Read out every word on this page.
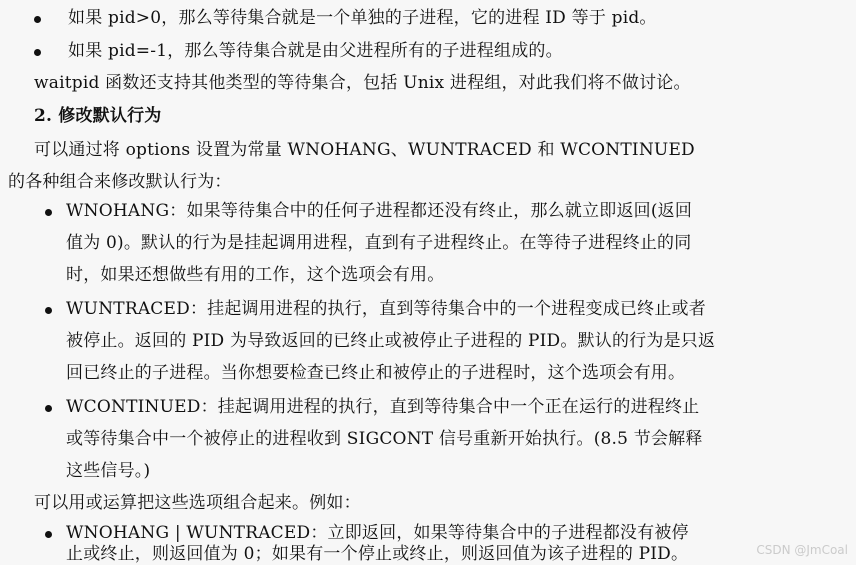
如果 pid>0，那么等待集合就是一个单独的子进程，它的进程 ID 等于 pid。
如果 pid=-1，那么等待集合就是由父进程所有的子进程组成的。
waitpid 函数还支持其他类型的等待集合，包括 Unix 进程组，对此我们将不做讨论。
2. 修改默认行为
可以通过将 options 设置为常量 WNOHANG、WUNTRACED 和 WCONTINUED
的各种组合来修改默认行为：
WNOHANG：如果等待集合中的任何子进程都还没有终止，那么就立即返回(返回
值为 0)。默认的行为是挂起调用进程，直到有子进程终止。在等待子进程终止的同
时，如果还想做些有用的工作，这个选项会有用。
WUNTRACED：挂起调用进程的执行，直到等待集合中的一个进程变成已终止或者
被停止。返回的 PID 为导致返回的已终止或被停止子进程的 PID。默认的行为是只返
回已终止的子进程。当你想要检查已终止和被停止的子进程时，这个选项会有用。
WCONTINUED：挂起调用进程的执行，直到等待集合中一个正在运行的进程终止
或等待集合中一个被停止的进程收到 SIGCONT 信号重新开始执行。(8.5 节会解释
这些信号。)
可以用或运算把这些选项组合起来。例如：
WNOHANG | WUNTRACED：立即返回，如果等待集合中的子进程都没有被停
止或终止，则返回值为 0；如果有一个停止或终止，则返回值为该子进程的 PID。	CSDN @JmCoal
